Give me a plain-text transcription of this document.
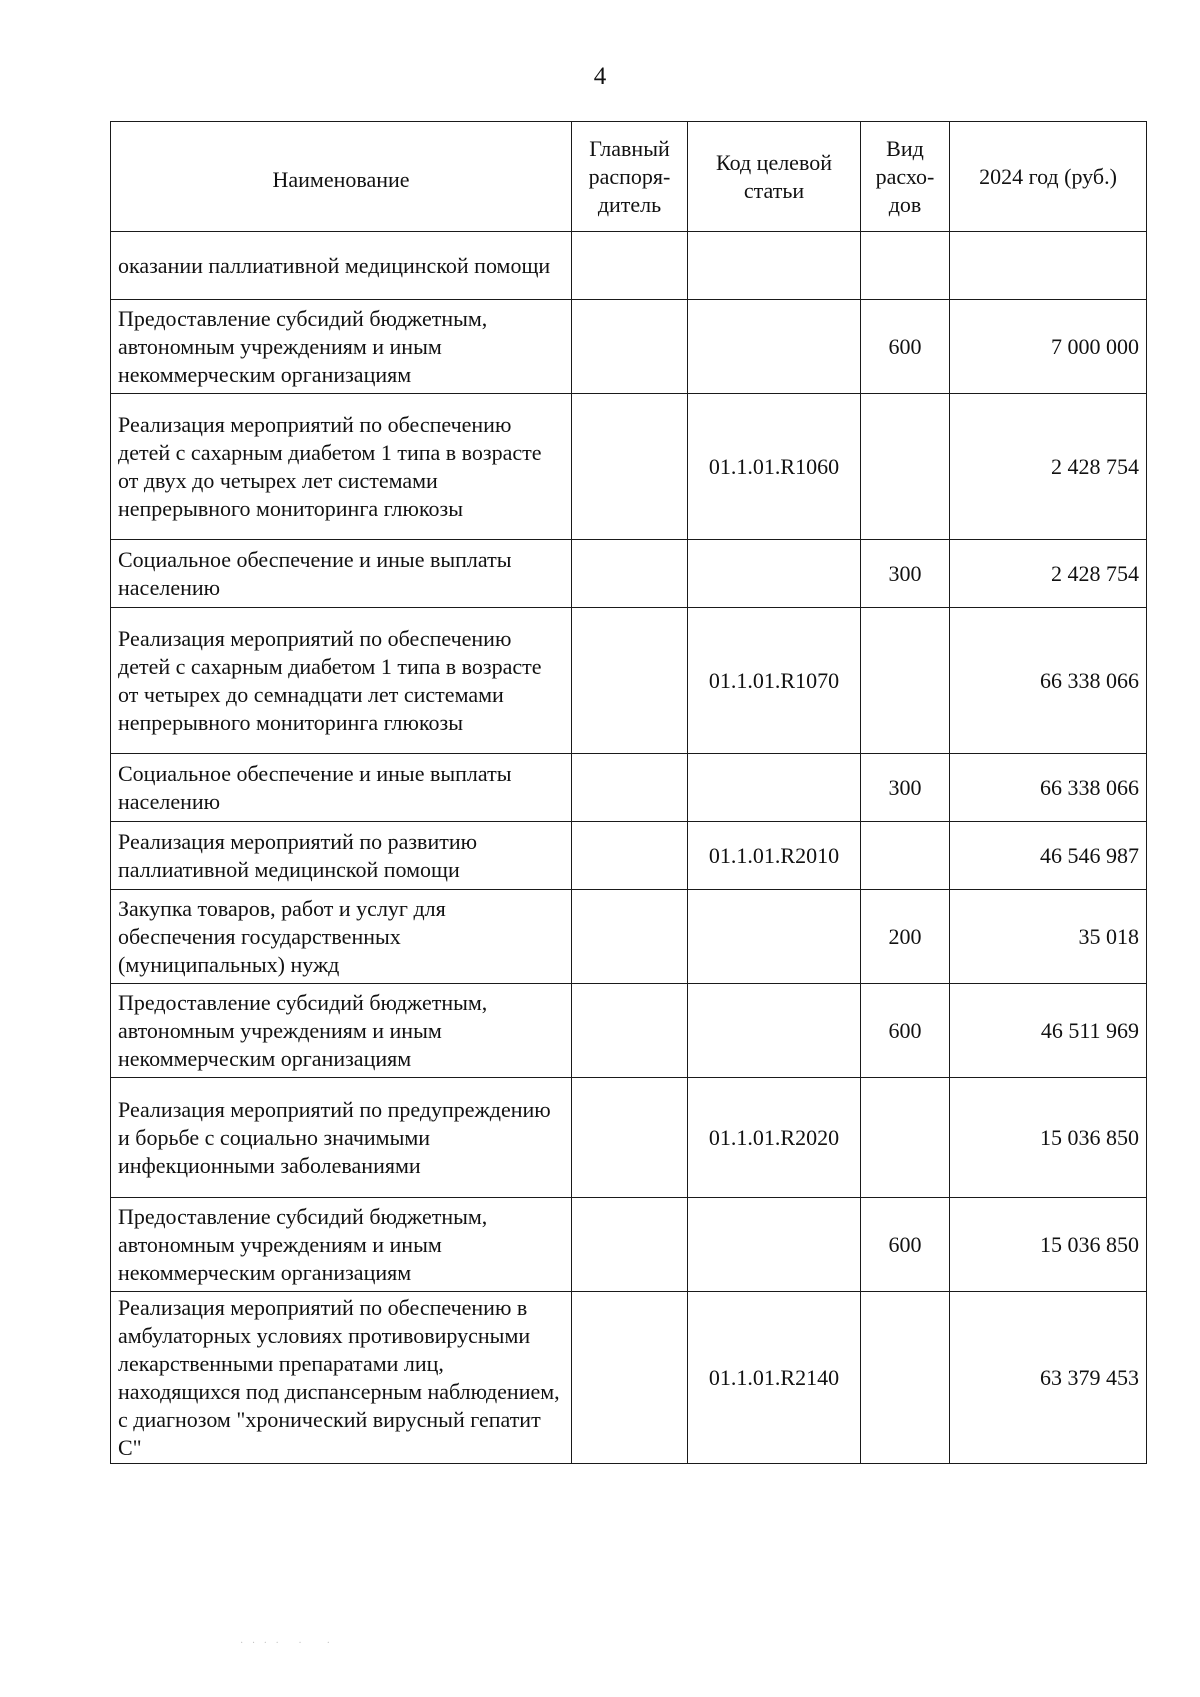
4
Наименование	Главный распоря-дитель	Код целевой статьи	Вид расхо-дов	2024 год (руб.)
оказании паллиативной медицинской помощи				
Предоставление субсидий бюджетным, автономным учреждениям и иным некоммерческим организациям			600	7 000 000
Реализация мероприятий по обеспечению детей с сахарным диабетом 1 типа в возрасте от двух до четырех лет системами непрерывного мониторинга глюкозы		01.1.01.R1060		2 428 754
Социальное обеспечение и иные выплаты населению			300	2 428 754
Реализация мероприятий по обеспечению детей с сахарным диабетом 1 типа в возрасте от четырех до семнадцати лет системами непрерывного мониторинга глюкозы		01.1.01.R1070		66 338 066
Социальное обеспечение и иные выплаты населению			300	66 338 066
Реализация мероприятий по развитию паллиативной медицинской помощи		01.1.01.R2010		46 546 987
Закупка товаров, работ и услуг для обеспечения государственных (муниципальных) нужд			200	35 018
Предоставление субсидий бюджетным, автономным учреждениям и иным некоммерческим организациям			600	46 511 969
Реализация мероприятий по предупреждению и борьбе с социально значимыми инфекционными заболеваниями		01.1.01.R2020		15 036 850
Предоставление субсидий бюджетным, автономным учреждениям и иным некоммерческим организациям			600	15 036 850
Реализация мероприятий по обеспечению в амбулаторных условиях противовирусными лекарственными препаратами лиц, находящихся под диспансерным наблюдением, с диагнозом "хронический вирусный гепатит С"		01.1.01.R2140		63 379 453
· · · ·   ·    ·
